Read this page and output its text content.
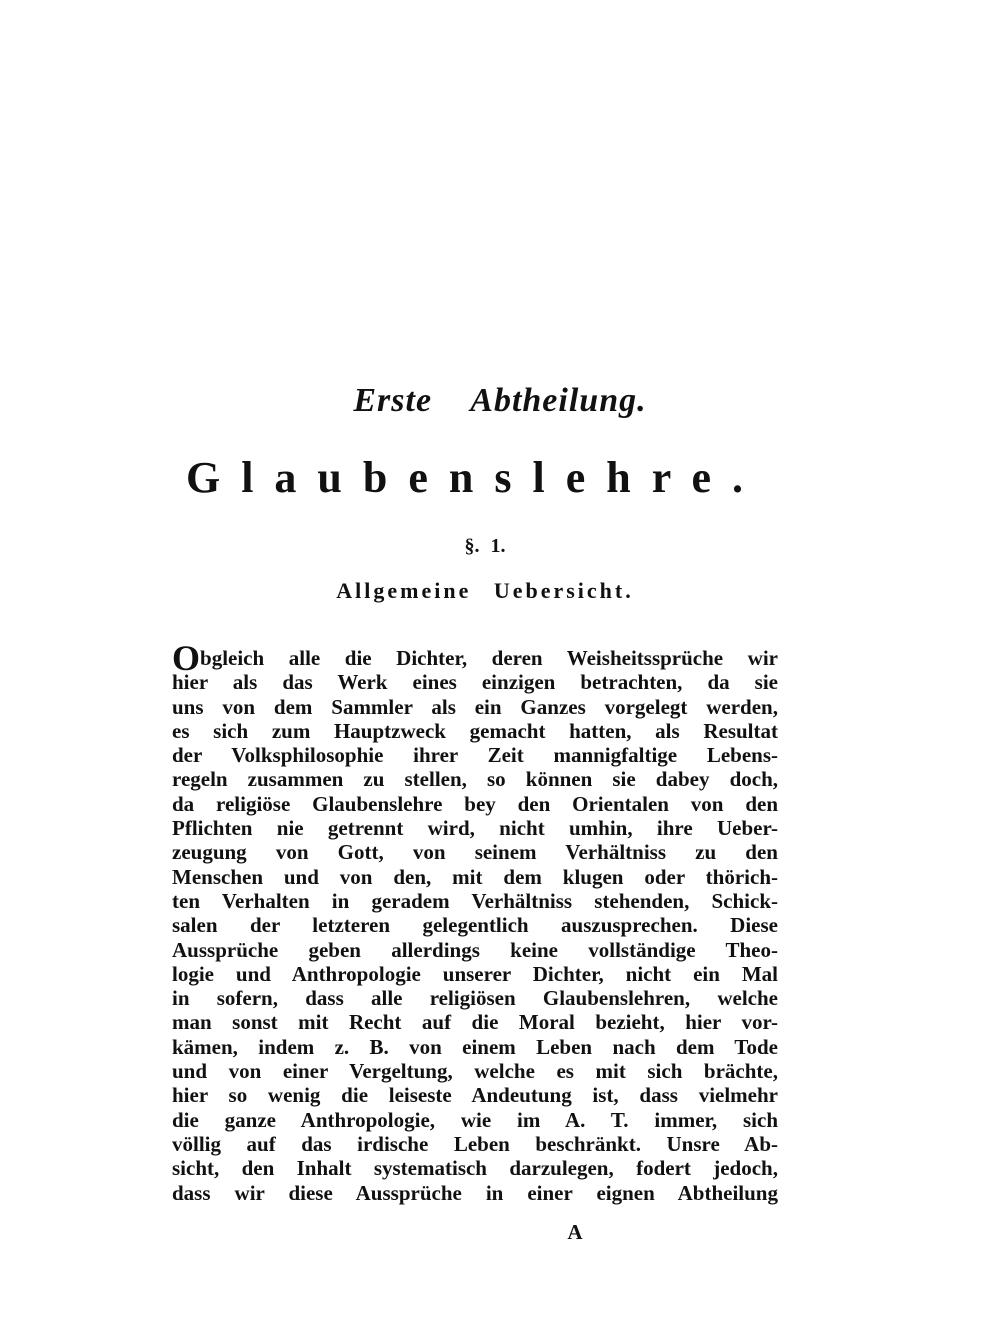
Erste Abtheilung.
Glaubenslehre.
§. 1.
Allgemeine Uebersicht.
Obgleich alle die Dichter, deren Weisheitssprüche wir
hier als das Werk eines einzigen betrachten, da sie
uns von dem Sammler als ein Ganzes vorgelegt werden,
es sich zum Hauptzweck gemacht hatten, als Resultat
der Volksphilosophie ihrer Zeit mannigfaltige Lebens-
regeln zusammen zu stellen, so können sie dabey doch,
da religiöse Glaubenslehre bey den Orientalen von den
Pflichten nie getrennt wird, nicht umhin, ihre Ueber-
zeugung von Gott, von seinem Verhältniss zu den
Menschen und von den, mit dem klugen oder thörich-
ten Verhalten in geradem Verhältniss stehenden, Schick-
salen der letzteren gelegentlich auszusprechen. Diese
Aussprüche geben allerdings keine vollständige Theo-
logie und Anthropologie unserer Dichter, nicht ein Mal
in sofern, dass alle religiösen Glaubenslehren, welche
man sonst mit Recht auf die Moral bezieht, hier vor-
kämen, indem z. B. von einem Leben nach dem Tode
und von einer Vergeltung, welche es mit sich brächte,
hier so wenig die leiseste Andeutung ist, dass vielmehr
die ganze Anthropologie, wie im A. T. immer, sich
völlig auf das irdische Leben beschränkt. Unsre Ab-
sicht, den Inhalt systematisch darzulegen, fodert jedoch,
dass wir diese Aussprüche in einer eignen Abtheilung
A
